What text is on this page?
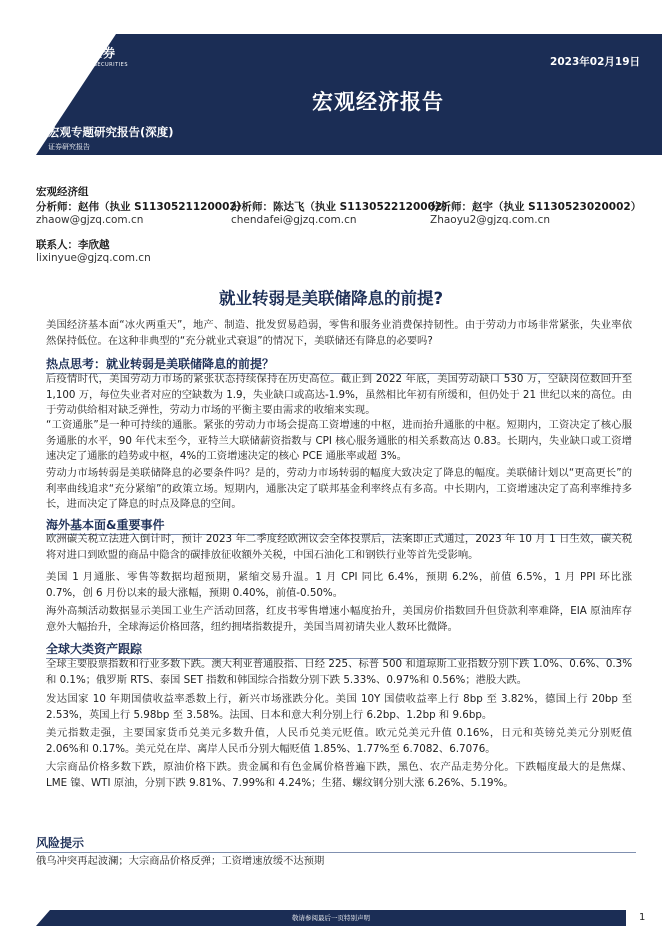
国金证券
SINOLINK SECURITIES	2023年02月19日
宏观经济报告
宏观专题研究报告(深度)
证券研究报告
宏观经济组
分析师：赵伟（执业 S1130521120002）
zhaow@gjzq.com.cn
分析师：陈达飞（执业 S1130522120002）
chendafei@gjzq.com.cn
分析师：赵宇（执业 S1130523020002）
Zhaoyu2@gjzq.com.cn
联系人：李欣越
lixinyue@gjzq.com.cn
就业转弱是美联储降息的前提?
美国经济基本面“冰火两重天”，地产、制造、批发贸易趋弱，零售和服务业消费保持韧性。由于劳动力市场非常紧张，失业率依然保持低位。在这种非典型的“充分就业式衰退”的情况下，美联储还有降息的必要吗?
热点思考：就业转弱是美联储降息的前提？
后疫情时代，美国劳动力市场的紧张状态持续保持在历史高位。截止到 2022 年底，美国劳动缺口 530 万，空缺岗位数回升至 1,100 万，每位失业者对应的空缺数为 1.9，失业缺口或高达-1.9%，虽然相比年初有所缓和，但仍处于 21 世纪以来的高位。由于劳动供给相对缺乏弹性，劳动力市场的平衡主要由需求的收缩来实现。
“工资通胀”是一种可持续的通胀。紧张的劳动力市场会提高工资增速的中枢，进而抬升通胀的中枢。短期内，工资决定了核心服务通胀的水平，90 年代末至今，亚特兰大联储薪资指数与 CPI 核心服务通胀的相关系数高达 0.83。长期内，失业缺口或工资增速决定了通胀的趋势或中枢，4%的工资增速决定的核心 PCE 通胀率或超 3%。
劳动力市场转弱是美联储降息的必要条件吗？是的，劳动力市场转弱的幅度大致决定了降息的幅度。美联储计划以“更高更长”的利率曲线追求“充分紧缩”的政策立场。短期内，通胀决定了联邦基金利率终点有多高。中长期内，工资增速决定了高利率维持多长，进而决定了降息的时点及降息的空间。
海外基本面&重要事件
欧洲碳关税立法进入倒计时，预计 2023 年二季度经欧洲议会全体投票后，法案即正式通过，2023 年 10 月 1 日生效，碳关税将对进口到欧盟的商品中隐含的碳排放征收额外关税，中国石油化工和钢铁行业等首先受影响。
美国 1 月通胀、零售等数据均超预期，紧缩交易升温。1 月 CPI 同比 6.4%，预期 6.2%，前值 6.5%，1 月 PPI 环比涨 0.7%，创 6 月份以来的最大涨幅，预期 0.40%，前值-0.50%。
海外高频活动数据显示美国工业生产活动回落，红皮书零售增速小幅度抬升，美国房价指数回升但贷款利率难降，EIA 原油库存意外大幅抬升，全球海运价格回落，纽约拥堵指数提升，美国当周初请失业人数环比微降。
全球大类资产跟踪
全球主要股票指数和行业多数下跌。澳大利亚普通股指、日经 225、标普 500 和道琼斯工业指数分别下跌 1.0%、0.6%、0.3%和 0.1%；俄罗斯 RTS、泰国 SET 指数和韩国综合指数分别下跌 5.33%、0.97%和 0.56%；港股大跌。
发达国家 10 年期国债收益率悉数上行，新兴市场涨跌分化。美国 10Y 国债收益率上行 8bp 至 3.82%，德国上行 20bp 至 2.53%，英国上行 5.98bp 至 3.58%。法国、日本和意大利分别上行 6.2bp、1.2bp 和 9.6bp。
美元指数走强，主要国家货币兑美元多数升值，人民币兑美元贬值。欧元兑美元升值 0.16%，日元和英镑兑美元分别贬值 2.06%和 0.17%。美元兑在岸、离岸人民币分别大幅贬值 1.85%、1.77%至 6.7082、6.7076。
大宗商品价格多数下跌，原油价格下跌。贵金属和有色金属价格普遍下跌，黑色、农产品走势分化。下跌幅度最大的是焦煤、LME 镍、WTI 原油，分别下跌 9.81%、7.99%和 4.24%；生猪、螺纹钢分别大涨 6.26%、5.19%。
风险提示
俄乌冲突再起波澜；大宗商品价格反弹；工资增速放缓不达预期
敬请参阅最后一页特别声明	1
